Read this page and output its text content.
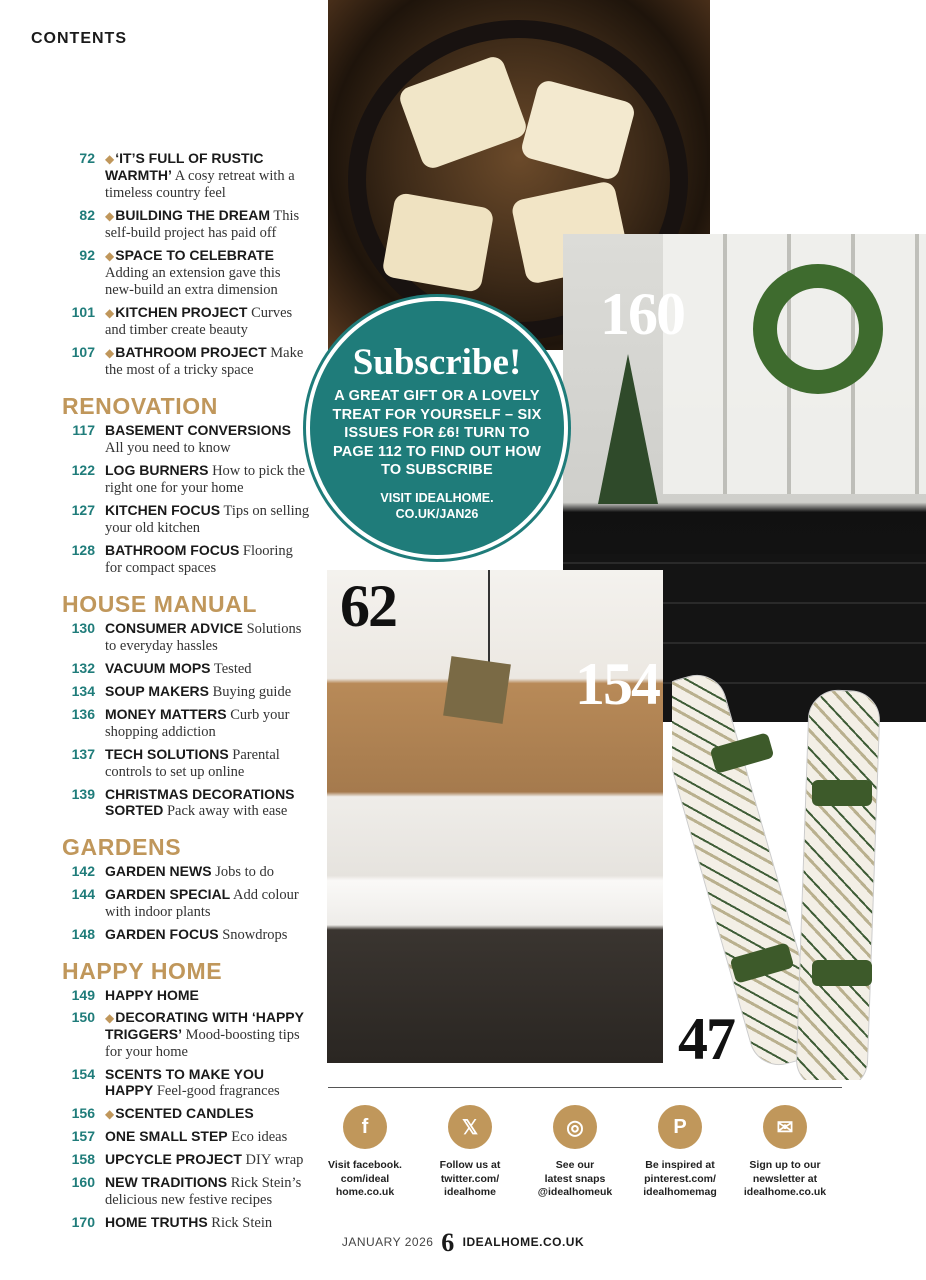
CONTENTS
160
154
62
47
Subscribe!
A GREAT GIFT OR A LOVELY TREAT FOR YOURSELF – SIX ISSUES FOR £6! TURN TO PAGE 112 TO FIND OUT HOW TO SUBSCRIBE
VISIT IDEALHOME.
CO.UK/JAN26
72 ◆‘IT’S FULL OF RUSTIC WARMTH’ A cosy retreat with a timeless country feel
82 ◆BUILDING THE DREAM This self-build project has paid off
92 ◆SPACE TO CELEBRATE Adding an extension gave this new-build an extra dimension
101 ◆KITCHEN PROJECT Curves and timber create beauty
107 ◆BATHROOM PROJECT Make the most of a tricky space
RENOVATION
117 BASEMENT CONVERSIONS All you need to know
122 LOG BURNERS How to pick the right one for your home
127 KITCHEN FOCUS Tips on selling your old kitchen
128 BATHROOM FOCUS Flooring for compact spaces
HOUSE MANUAL
130 CONSUMER ADVICE Solutions to everyday hassles
132 VACUUM MOPS Tested
134 SOUP MAKERS Buying guide
136 MONEY MATTERS Curb your shopping addiction
137 TECH SOLUTIONS Parental controls to set up online
139 CHRISTMAS DECORATIONS SORTED Pack away with ease
GARDENS
142 GARDEN NEWS Jobs to do
144 GARDEN SPECIAL Add colour with indoor plants
148 GARDEN FOCUS Snowdrops
HAPPY HOME
149 HAPPY HOME
150 ◆DECORATING WITH ‘HAPPY TRIGGERS’ Mood-boosting tips for your home
154 SCENTS TO MAKE YOU HAPPY Feel-good fragrances
156 ◆SCENTED CANDLES
157 ONE SMALL STEP Eco ideas
158 UPCYCLE PROJECT DIY wrap
160 NEW TRADITIONS Rick Stein’s delicious new festive recipes
170 HOME TRUTHS Rick Stein
f
Visit facebook.
com/ideal
home.co.uk
𝕏
Follow us at
twitter.com/
idealhome
◎
See our
latest snaps
@idealhomeuk
P
Be inspired at
pinterest.com/
idealhomemag
✉
Sign up to our
newsletter at
idealhome.co.uk
JANUARY 2026 6 IDEALHOME.CO.UK
